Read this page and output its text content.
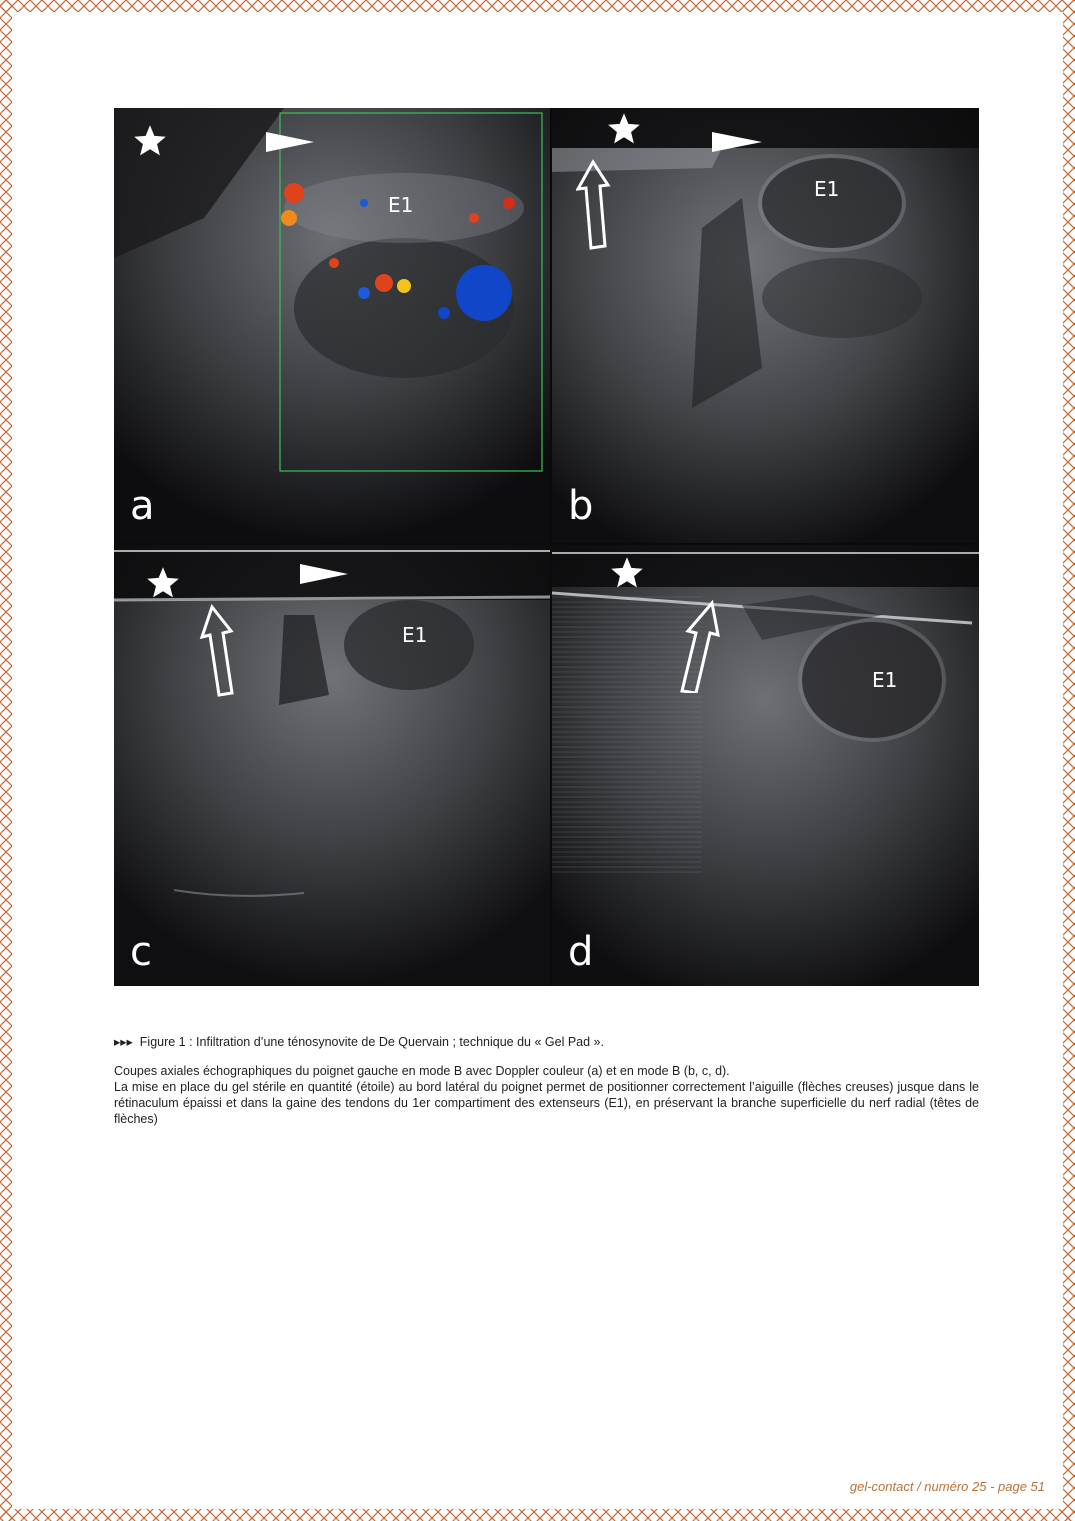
E1
a
E1
b
E1
c
E1
d

▸▸▸ Figure 1 : Infiltration d’une ténosynovite de De Quervain ; technique du « Gel Pad ».

Coupes axiales échographiques du poignet gauche en mode B avec Doppler couleur (a) et en mode B (b, c, d).

La mise en place du gel stérile en quantité (étoile) au bord latéral du poignet permet de positionner correctement l’aiguille (flèches creuses) jusque dans le rétinaculum épaissi et dans la gaine des tendons du 1er compartiment des extenseurs (E1), en préservant la branche superficielle du nerf radial (têtes de flèches)

gel-contact / numéro 25 - page 51
